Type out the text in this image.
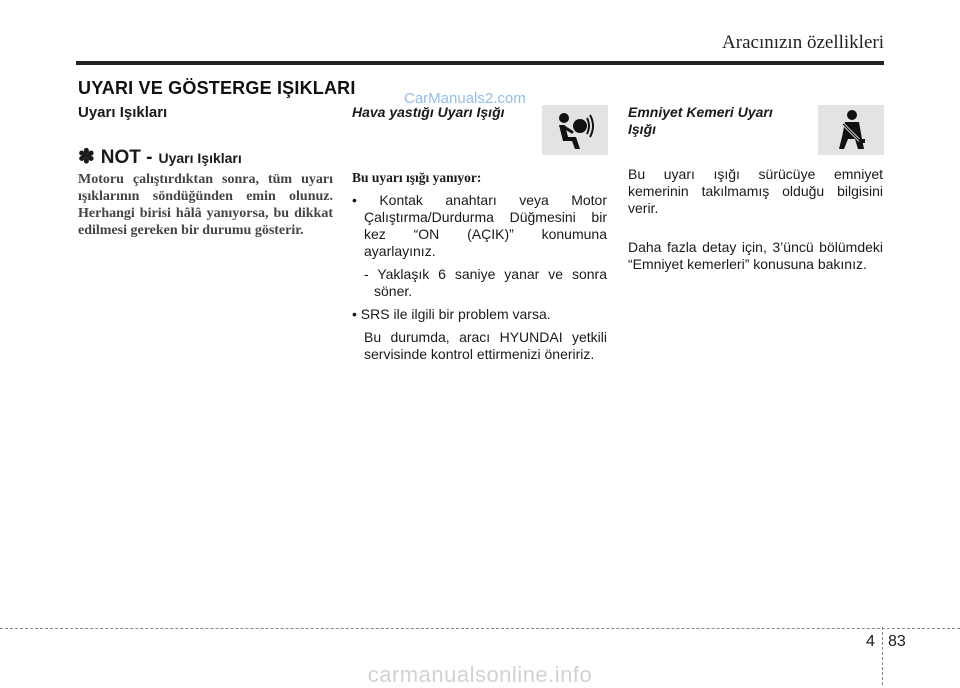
Aracınızın özellikleri
UYARI VE GÖSTERGE IŞIKLARI
CarManuals2.com

Uyarı Işıkları

✽ NOT - Uyarı Işıkları
Motoru çalıştırdıktan sonra, tüm uyarı ışıklarının söndüğünden emin olunuz. Herhangi birisi hâlâ yanıyorsa, bu dikkat edilmesi gereken bir durumu gösterir.

Hava yastığı Uyarı Işığı

Bu uyarı ışığı yanıyor:
• Kontak anahtarı veya Motor Çalıştırma/Durdurma Düğmesini bir kez “ON (AÇIK)” konumuna ayarlayınız.
- Yaklaşık 6 saniye yanar ve sonra söner.
• SRS ile ilgili bir problem varsa.
Bu durumda, aracı HYUNDAI yetkili servisinde kontrol ettirmenizi öneririz.

Emniyet Kemeri Uyarı Işığı

Bu uyarı ışığı sürücüye emniyet kemerinin takılmamış olduğu bilgisini verir.
Daha fazla detay için, 3’üncü bölümdeki “Emniyet kemerleri” konusuna bakınız.
4 83
carmanualsonline.info
